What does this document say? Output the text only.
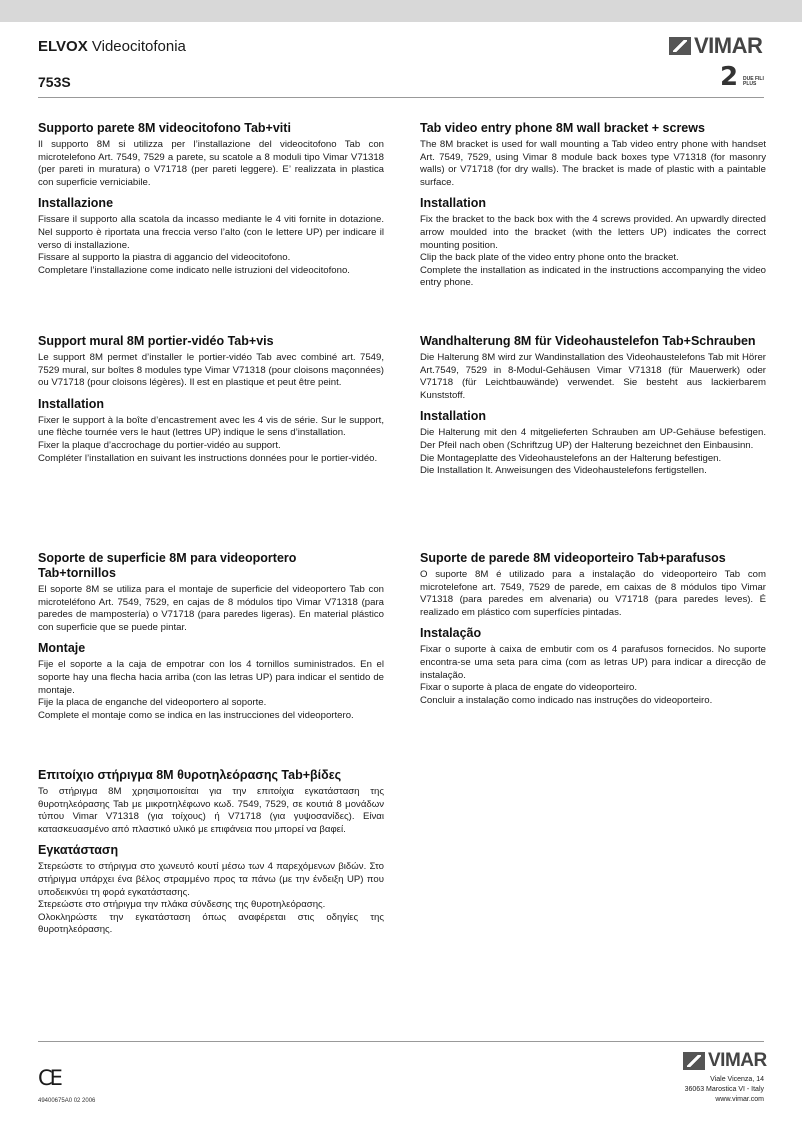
ELVOX Videocitofonia
753S
VIMAR
2 DUE FILI PLUS
Supporto parete 8M videocitofono Tab+viti

Il supporto 8M si utilizza per l’installazione del videocitofono Tab con microtelefono Art. 7549, 7529 a parete, su scatole a 8 moduli tipo Vimar V71318 (per pareti in muratura) o V71718 (per pareti leggere). E’ realizzata in plastica con superficie verniciabile.

Installazione

Fissare il supporto alla scatola da incasso mediante le 4 viti fornite in dotazione. Nel supporto è riportata una freccia verso l’alto (con le lettere UP) per indicare il verso di installazione.
Fissare al supporto la piastra di aggancio del videocitofono.
Completare l’installazione come indicato nelle istruzioni del videocitofono.

Tab video entry phone 8M wall bracket + screws

The 8M bracket is used for wall mounting a Tab video entry phone with handset Art. 7549, 7529, using Vimar 8 module back boxes type V71318 (for masonry walls) or V71718 (for dry walls). The bracket is made of plastic with a paintable surface.

Installation

Fix the bracket to the back box with the 4 screws provided. An upwardly directed arrow moulded into the bracket (with the letters UP) indicates the correct mounting position.
Clip the back plate of the video entry phone onto the bracket.
Complete the installation as indicated in the instructions accompanying the video entry phone.

Support mural 8M portier-vidéo Tab+vis

Le support 8M permet d’installer le portier-vidéo Tab avec combiné art. 7549, 7529 mural, sur boîtes 8 modules type Vimar V71318 (pour cloisons maçonnées) ou V71718 (pour cloisons légères). Il est en plastique et peut être peint.

Installation

Fixer le support à la boîte d’encastrement avec les 4 vis de série. Sur le support, une flèche tournée vers le haut (lettres UP) indique le sens d’installation.
Fixer la plaque d’accrochage du portier-vidéo au support.
Compléter l’installation en suivant les instructions données pour le portier-vidéo.

Wandhalterung 8M für Videohaustelefon Tab+Schrauben

Die Halterung 8M wird zur Wandinstallation des Videohaustelefons Tab mit Hörer Art.7549, 7529 in 8-Modul-Gehäusen Vimar V71318 (für Mauerwerk) oder V71718 (für Leichtbauwände) verwendet. Sie besteht aus lackierbarem Kunststoff.

Installation

Die Halterung mit den 4 mitgelieferten Schrauben am UP-Gehäuse befestigen. Der Pfeil nach oben (Schriftzug UP) der Halterung bezeichnet den Einbausinn.
Die Montageplatte des Videohaustelefons an der Halterung befestigen.
Die Installation lt. Anweisungen des Videohaustelefons fertigstellen.

Soporte de superficie 8M para videoportero Tab+tornillos

El soporte 8M se utiliza para el montaje de superficie del videoportero Tab con microteléfono Art. 7549, 7529, en cajas de 8 módulos tipo Vimar V71318 (para paredes de mampostería) o V71718 (para paredes ligeras). En material plástico con superficie que se puede pintar.

Montaje

Fije el soporte a la caja de empotrar con los 4 tornillos suministrados. En el soporte hay una flecha hacia arriba (con las letras UP) para indicar el sentido de montaje.
Fije la placa de enganche del videoportero al soporte.
Complete el montaje como se indica en las instrucciones del videoportero.

Suporte de parede 8M videoporteiro Tab+parafusos

O suporte 8M é utilizado para a instalação do videoporteiro Tab com microtelefone art. 7549, 7529 de parede, em caixas de 8 módulos tipo Vimar V71318 (para paredes em alvenaria) ou V71718 (para paredes leves). É realizado em plástico com superfícies pintadas.

Instalação

Fixar o suporte à caixa de embutir com os 4 parafusos fornecidos. No suporte encontra-se uma seta para cima (com as letras UP) para indicar a direcção de instalação.
Fixar o suporte à placa de engate do videoporteiro.
Concluir a instalação como indicado nas instruções do videoporteiro.

Επιτοίχιο στήριγμα 8M θυροτηλεόρασης Tab+βίδες

Το στήριγμα 8M χρησιμοποιείται για την επιτοίχια εγκατάσταση της θυροτηλεόρασης Tab με μικροτηλέφωνο κωδ. 7549, 7529, σε κουτιά 8 μονάδων τύπου Vimar V71318 (για τοίχους) ή V71718 (για γυψοσανίδες). Είναι κατασκευασμένο από πλαστικό υλικό με επιφάνεια που μπορεί να βαφεί.

Εγκατάσταση

Στερεώστε το στήριγμα στο χωνευτό κουτί μέσω των 4 παρεχόμενων βιδών. Στο στήριγμα υπάρχει ένα βέλος στραμμένο προς τα πάνω (με την ένδειξη UP) που υποδεικνύει τη φορά εγκατάστασης.
Στερεώστε στο στήριγμα την πλάκα σύνδεσης της θυροτηλεόρασης.
Ολοκληρώστε την εγκατάσταση όπως αναφέρεται στις οδηγίες της θυροτηλεόρασης.

CE
49400675A0 02 2006
VIMAR
Viale Vicenza, 14
36063 Marostica VI - Italy
www.vimar.com
